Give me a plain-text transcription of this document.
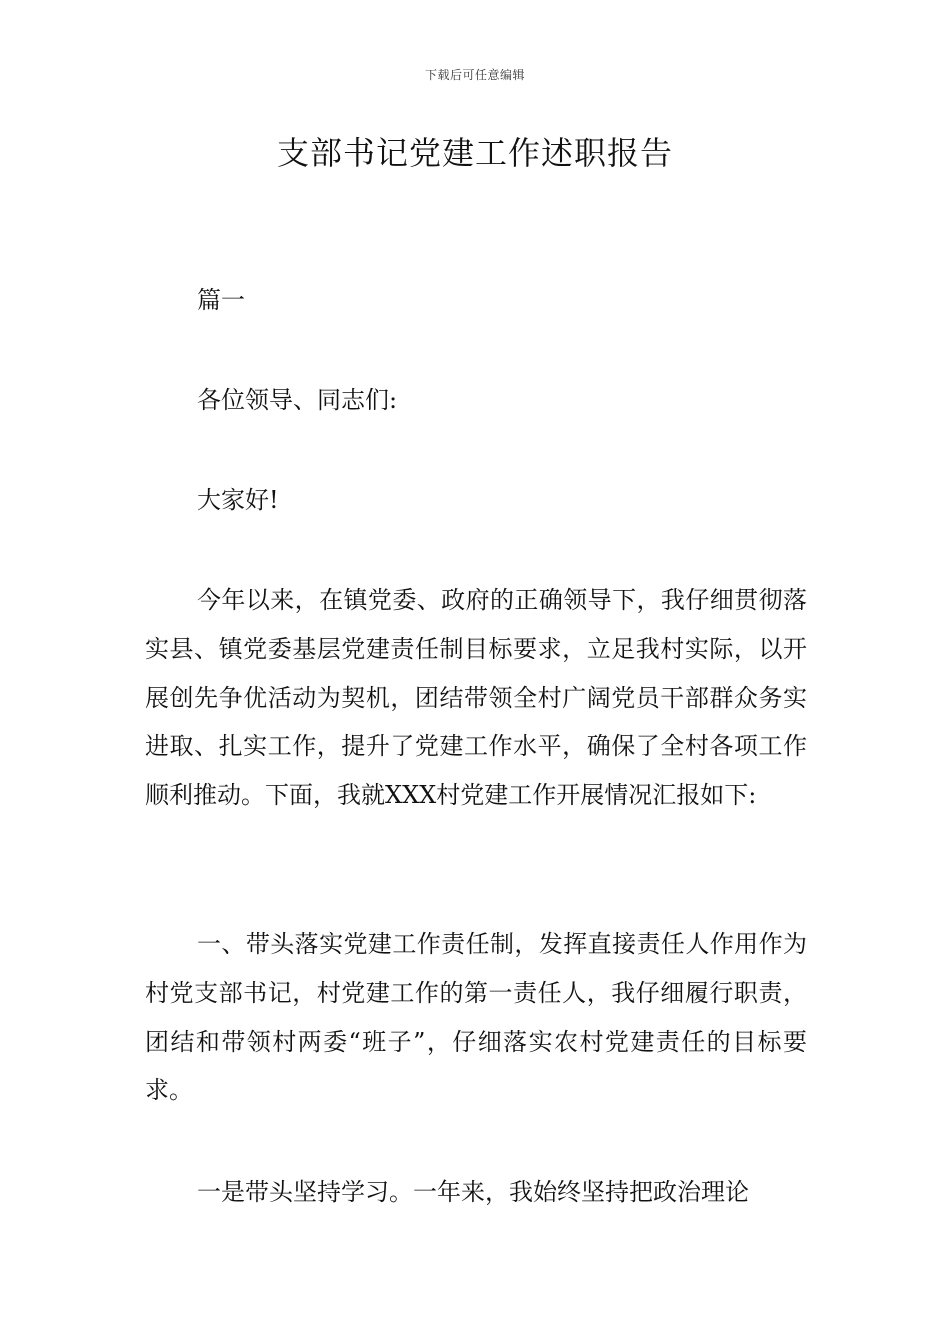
下载后可任意编辑
支部书记党建工作述职报告

篇一

各位领导、同志们:

大家好!

今年以来，在镇党委、政府的正确领导下，我仔细贯彻落实县、镇党委基层党建责任制目标要求，立足我村实际，以开展创先争优活动为契机，团结带领全村广阔党员干部群众务实进取、扎实工作，提升了党建工作水平，确保了全村各项工作顺利推动。下面，我就XXX村党建工作开展情况汇报如下:

一、带头落实党建工作责任制，发挥直接责任人作用作为村党支部书记，村党建工作的第一责任人，我仔细履行职责，团结和带领村两委“班子”，仔细落实农村党建责任的目标要求。

一是带头坚持学习。一年来，我始终坚持把政治理论
